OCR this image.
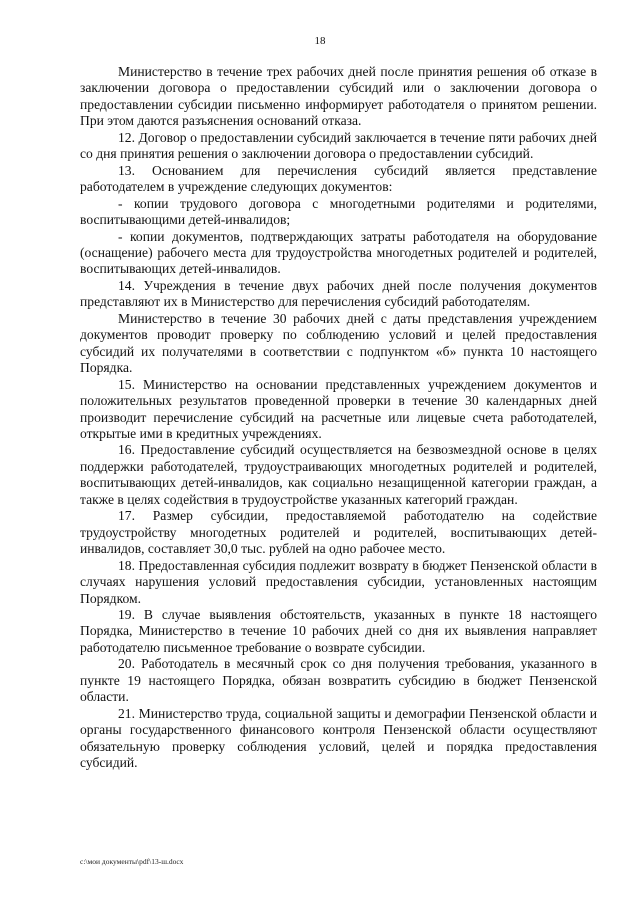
18

Министерство в течение трех рабочих дней после принятия решения об отказе в заключении договора о предоставлении субсидий или о заключении договора о предоставлении субсидии письменно информирует работодателя о принятом решении. При этом даются разъяснения оснований отказа.

12. Договор о предоставлении субсидий заключается в течение пяти рабочих дней со дня принятия решения о заключении договора о предоставлении субсидий.

13. Основанием для перечисления субсидий является представление работодателем в учреждение следующих документов:

- копии трудового договора с многодетными родителями и родителями, воспитывающими детей-инвалидов;

- копии документов, подтверждающих затраты работодателя на оборудование (оснащение) рабочего места для трудоустройства многодетных родителей и родителей, воспитывающих детей-инвалидов.

14. Учреждения в течение двух рабочих дней после получения документов представляют их в Министерство для перечисления субсидий работодателям.

Министерство в течение 30 рабочих дней с даты представления учреждением документов проводит проверку по соблюдению условий и целей предоставления субсидий их получателями в соответствии с подпунктом «б» пункта 10 настоящего Порядка.

15. Министерство на основании представленных учреждением документов и положительных результатов проведенной проверки в течение 30 календарных дней производит перечисление субсидий на расчетные или лицевые счета работодателей, открытые ими в кредитных учреждениях.

16. Предоставление субсидий осуществляется на безвозмездной основе в целях поддержки работодателей, трудоустраивающих многодетных родителей и родителей, воспитывающих детей-инвалидов, как социально незащищенной категории граждан, а также в целях содействия в трудоустройстве указанных категорий граждан.

17. Размер субсидии, предоставляемой работодателю на содействие трудоустройству многодетных родителей и родителей, воспитывающих детей-инвалидов, составляет 30,0 тыс. рублей на одно рабочее место.

18. Предоставленная субсидия подлежит возврату в бюджет Пензенской области в случаях нарушения условий предоставления субсидии, установленных настоящим Порядком.

19. В случае выявления обстоятельств, указанных в пункте 18 настоящего Порядка, Министерство в течение 10 рабочих дней со дня их выявления направляет работодателю письменное требование о возврате субсидии.

20. Работодатель в месячный срок со дня получения требования, указанного в пункте 19 настоящего Порядка, обязан возвратить субсидию в бюджет Пензенской области.

21. Министерство труда, социальной защиты и демографии Пензенской области и органы государственного финансового контроля Пензенской области осуществляют обязательную проверку соблюдения условий, целей и порядка предоставления субсидий.

c:\мои документы\pdf\13-ш.docx
